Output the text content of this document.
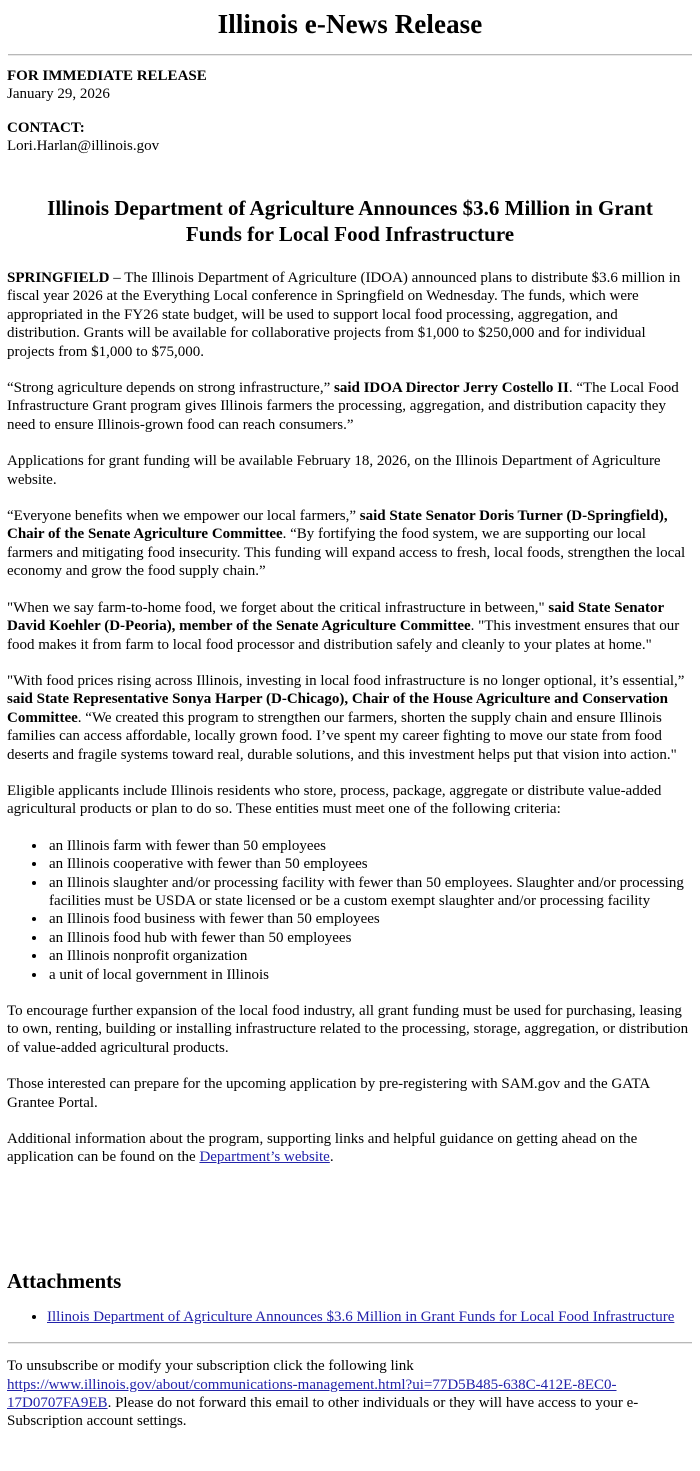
Illinois e-News Release
FOR IMMEDIATE RELEASE
January 29, 2026
CONTACT:
Lori.Harlan@illinois.gov
Illinois Department of Agriculture Announces $3.6 Million in Grant Funds for Local Food Infrastructure

SPRINGFIELD – The Illinois Department of Agriculture (IDOA) announced plans to distribute $3.6 million in fiscal year 2026 at the Everything Local conference in Springfield on Wednesday. The funds, which were appropriated in the FY26 state budget, will be used to support local food processing, aggregation, and distribution. Grants will be available for collaborative projects from $1,000 to $250,000 and for individual projects from $1,000 to $75,000.

“Strong agriculture depends on strong infrastructure,” said IDOA Director Jerry Costello II. “The Local Food Infrastructure Grant program gives Illinois farmers the processing, aggregation, and distribution capacity they need to ensure Illinois-grown food can reach consumers.”

Applications for grant funding will be available February 18, 2026, on the Illinois Department of Agriculture website.

“Everyone benefits when we empower our local farmers,” said State Senator Doris Turner (D-Springfield), Chair of the Senate Agriculture Committee. “By fortifying the food system, we are supporting our local farmers and mitigating food insecurity. This funding will expand access to fresh, local foods, strengthen the local economy and grow the food supply chain.”

"When we say farm-to-home food, we forget about the critical infrastructure in between," said State Senator David Koehler (D-Peoria), member of the Senate Agriculture Committee. "This investment ensures that our food makes it from farm to local food processor and distribution safely and cleanly to your plates at home."

"With food prices rising across Illinois, investing in local food infrastructure is no longer optional, it’s essential,” said State Representative Sonya Harper (D-Chicago), Chair of the House Agriculture and Conservation Committee. “We created this program to strengthen our farmers, shorten the supply chain and ensure Illinois families can access affordable, locally grown food. I’ve spent my career fighting to move our state from food deserts and fragile systems toward real, durable solutions, and this investment helps put that vision into action."

Eligible applicants include Illinois residents who store, process, package, aggregate or distribute value-added agricultural products or plan to do so. These entities must meet one of the following criteria:

• an Illinois farm with fewer than 50 employees
• an Illinois cooperative with fewer than 50 employees
• an Illinois slaughter and/or processing facility with fewer than 50 employees. Slaughter and/or processing facilities must be USDA or state licensed or be a custom exempt slaughter and/or processing facility
• an Illinois food business with fewer than 50 employees
• an Illinois food hub with fewer than 50 employees
• an Illinois nonprofit organization
• a unit of local government in Illinois

To encourage further expansion of the local food industry, all grant funding must be used for purchasing, leasing to own, renting, building or installing infrastructure related to the processing, storage, aggregation, or distribution of value-added agricultural products.

Those interested can prepare for the upcoming application by pre-registering with SAM.gov and the GATA Grantee Portal.

Additional information about the program, supporting links and helpful guidance on getting ahead on the application can be found on the Department’s website.

Attachments
• Illinois Department of Agriculture Announces $3.6 Million in Grant Funds for Local Food Infrastructure

To unsubscribe or modify your subscription click the following link https://www.illinois.gov/about/communications-management.html?ui=77D5B485-638C-412E-8EC0-17D0707FA9EB. Please do not forward this email to other individuals or they will have access to your e-Subscription account settings.
